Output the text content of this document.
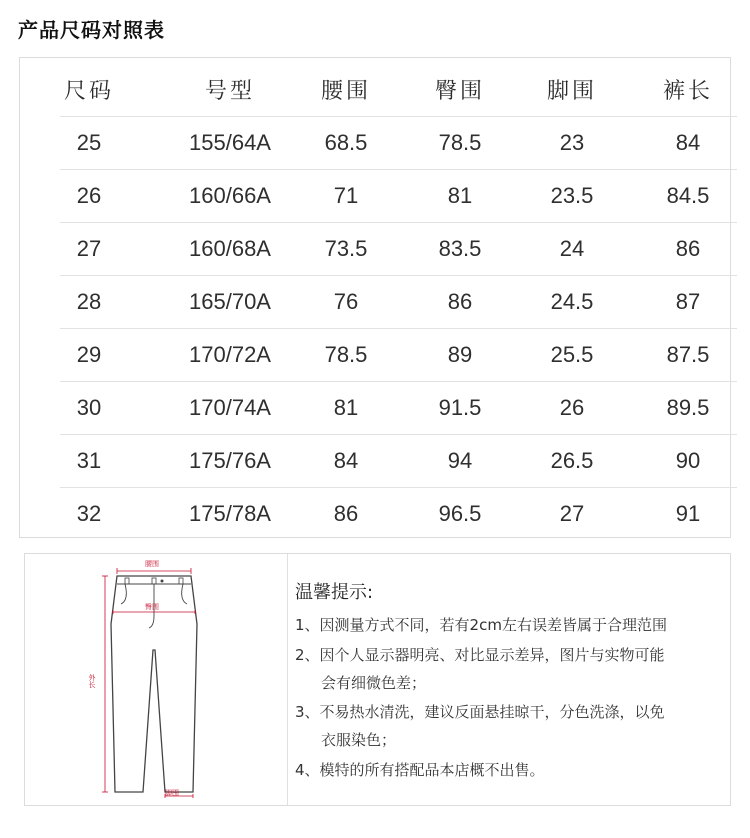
产品尺码对照表
尺码	号型	腰围	臀围	脚围	裤长
25	155/64A	68.5	78.5	23	84
26	160/66A	71	81	23.5	84.5
27	160/68A	73.5	83.5	24	86
28	165/70A	76	86	24.5	87
29	170/72A	78.5	89	25.5	87.5
30	170/74A	81	91.5	26	89.5
31	175/76A	84	94	26.5	90
32	175/78A	86	96.5	27	91
腰围
臀围
外长
脚围
温馨提示:
1、因测量方式不同，若有2cm左右误差皆属于合理范围
2、因个人显示器明亮、对比显示差异，图片与实物可能
会有细微色差；
3、不易热水清洗，建议反面悬挂晾干，分色洗涤，以免
衣服染色；
4、模特的所有搭配品本店概不出售。
